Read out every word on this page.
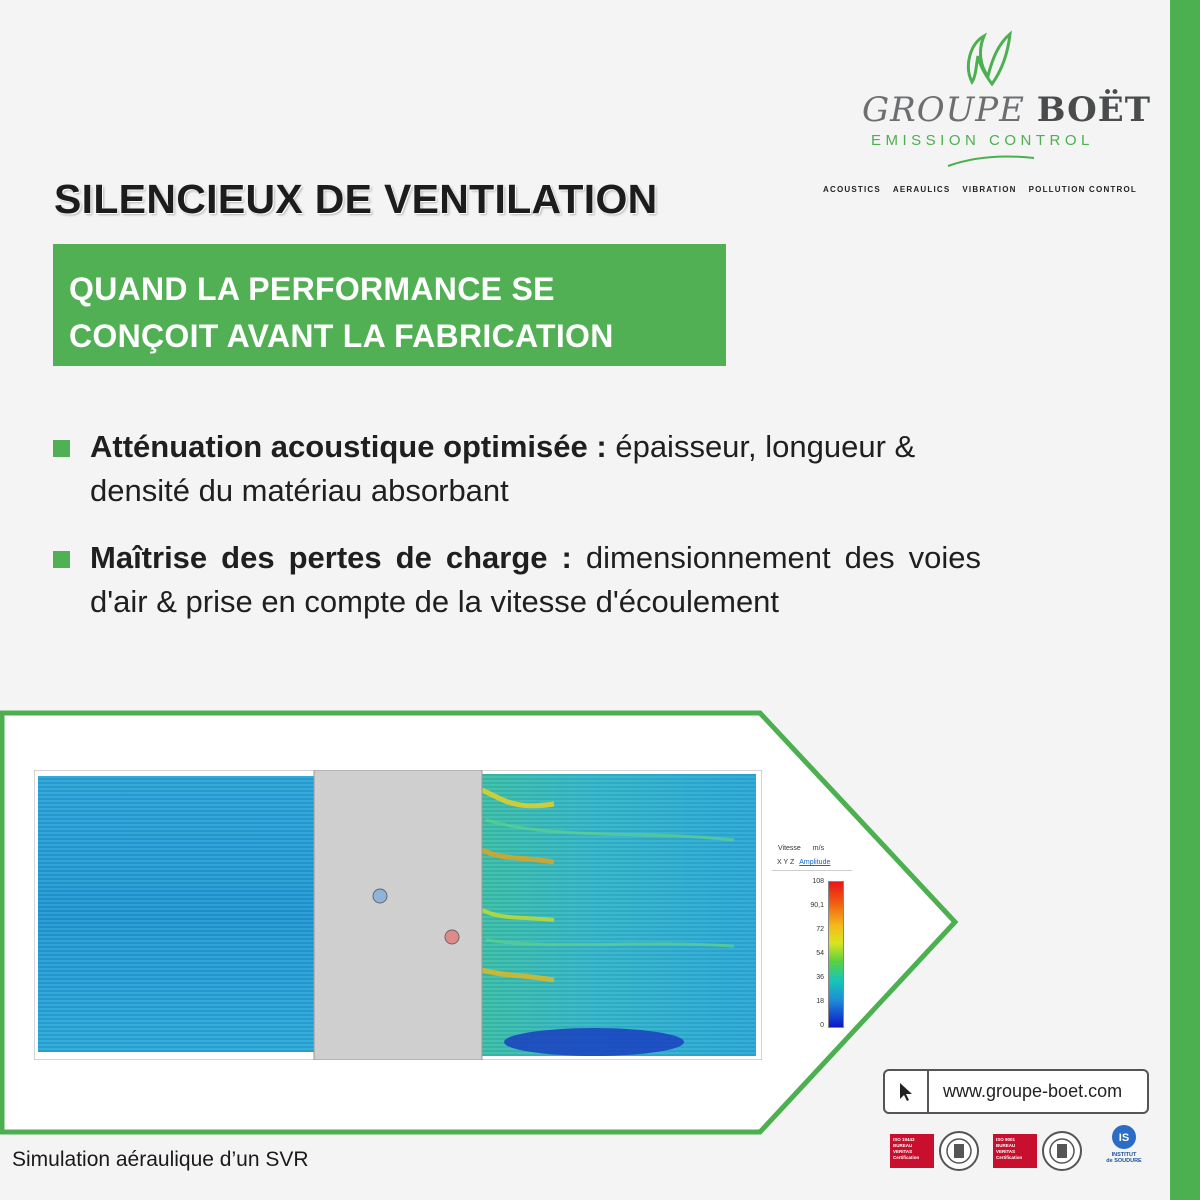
GROUPE BOËT
EMISSION CONTROL
ACOUSTICS AERAULICS VIBRATION POLLUTION CONTROL
SILENCIEUX DE VENTILATION
QUAND LA PERFORMANCE SE
CONÇOIT AVANT LA FABRICATION
Atténuation acoustique optimisée : épaisseur, longueur & densité du matériau absorbant
Maîtrise des pertes de charge : dimensionnement des voies d'air & prise en compte de la vitesse d'écoulement
Vitesse m/s
X Y Z Amplitude
108
90,1
72
54
36
18
0
Simulation aéraulique d’un SVR
www.groupe-boet.com
ISO 19443
BUREAU VERITAS
Certification
ISO 9001
BUREAU VERITAS
Certification
IS
INSTITUT
de SOUDURE
